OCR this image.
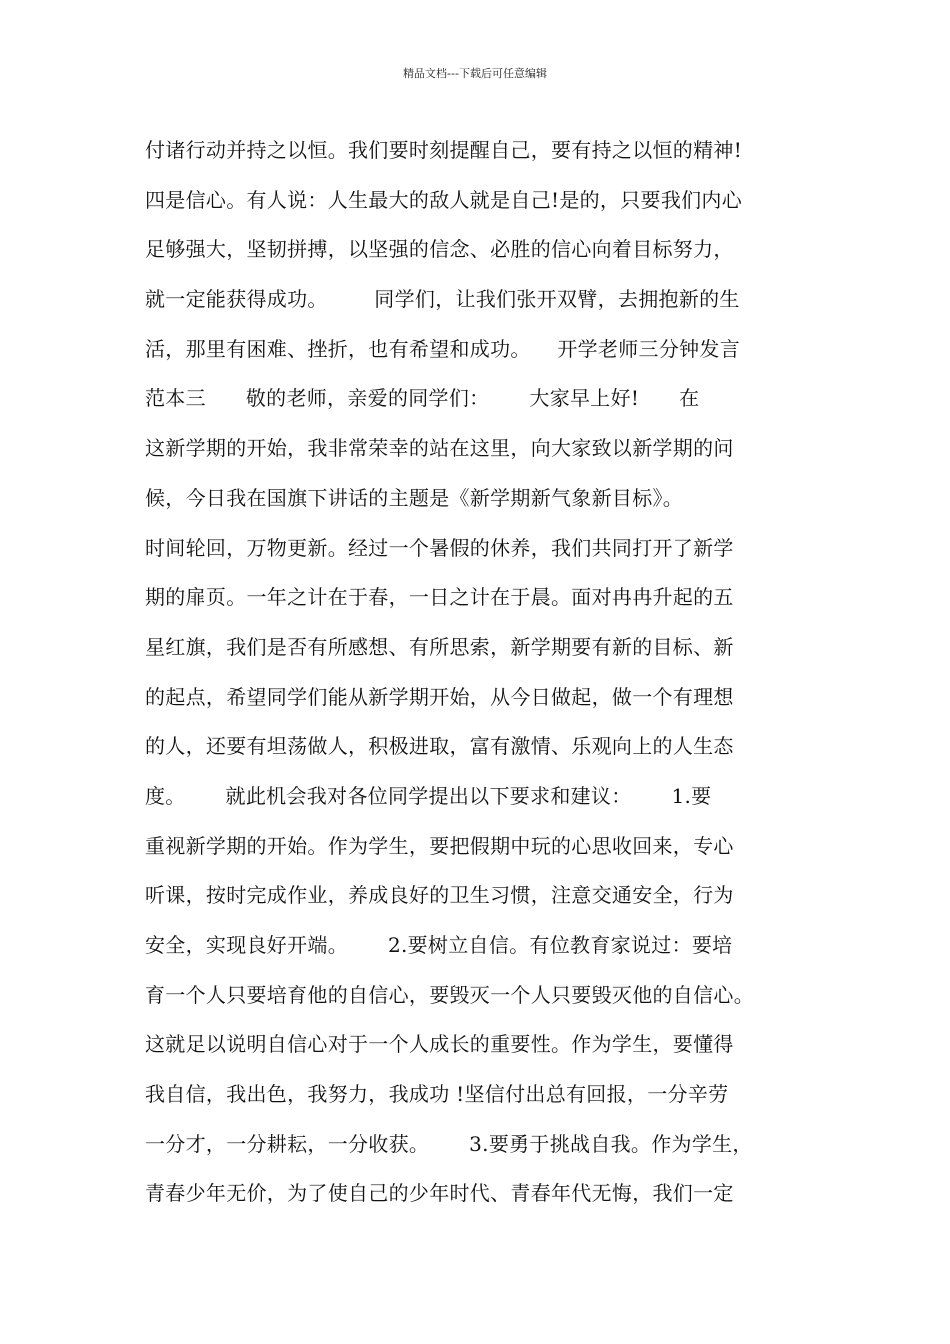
精品文档---下载后可任意编辑
付诸行动并持之以恒。我们要时刻提醒自己，要有持之以恒的精神!
四是信心。有人说：人生最大的敌人就是自己!是的，只要我们内心
足够强大，坚韧拼搏，以坚强的信念、必胜的信心向着目标努力，
就一定能获得成功。       同学们，让我们张开双臂，去拥抱新的生
活，那里有困难、挫折，也有希望和成功。    开学老师三分钟发言
范本三      敬的老师，亲爱的同学们：      大家早上好!      在
这新学期的开始，我非常荣幸的站在这里，向大家致以新学期的问
候，今日我在国旗下讲话的主题是《新学期新气象新目标》。
时间轮回，万物更新。经过一个暑假的休养，我们共同打开了新学
期的扉页。一年之计在于春，一日之计在于晨。面对冉冉升起的五
星红旗，我们是否有所感想、有所思索，新学期要有新的目标、新
的起点，希望同学们能从新学期开始，从今日做起，做一个有理想
的人，还要有坦荡做人，积极进取，富有激情、乐观向上的人生态
度。      就此机会我对各位同学提出以下要求和建议：      1.要
重视新学期的开始。作为学生，要把假期中玩的心思收回来，专心
听课，按时完成作业，养成良好的卫生习惯，注意交通安全，行为
安全，实现良好开端。      2.要树立自信。有位教育家说过：要培
育一个人只要培育他的自信心，要毁灭一个人只要毁灭他的自信心。
这就足以说明自信心对于一个人成长的重要性。作为学生，要懂得
我自信，我出色，我努力，我成功 !坚信付出总有回报，一分辛劳
一分才，一分耕耘，一分收获。      3.要勇于挑战自我。作为学生，
青春少年无价，为了使自己的少年时代、青春年代无悔，我们一定
